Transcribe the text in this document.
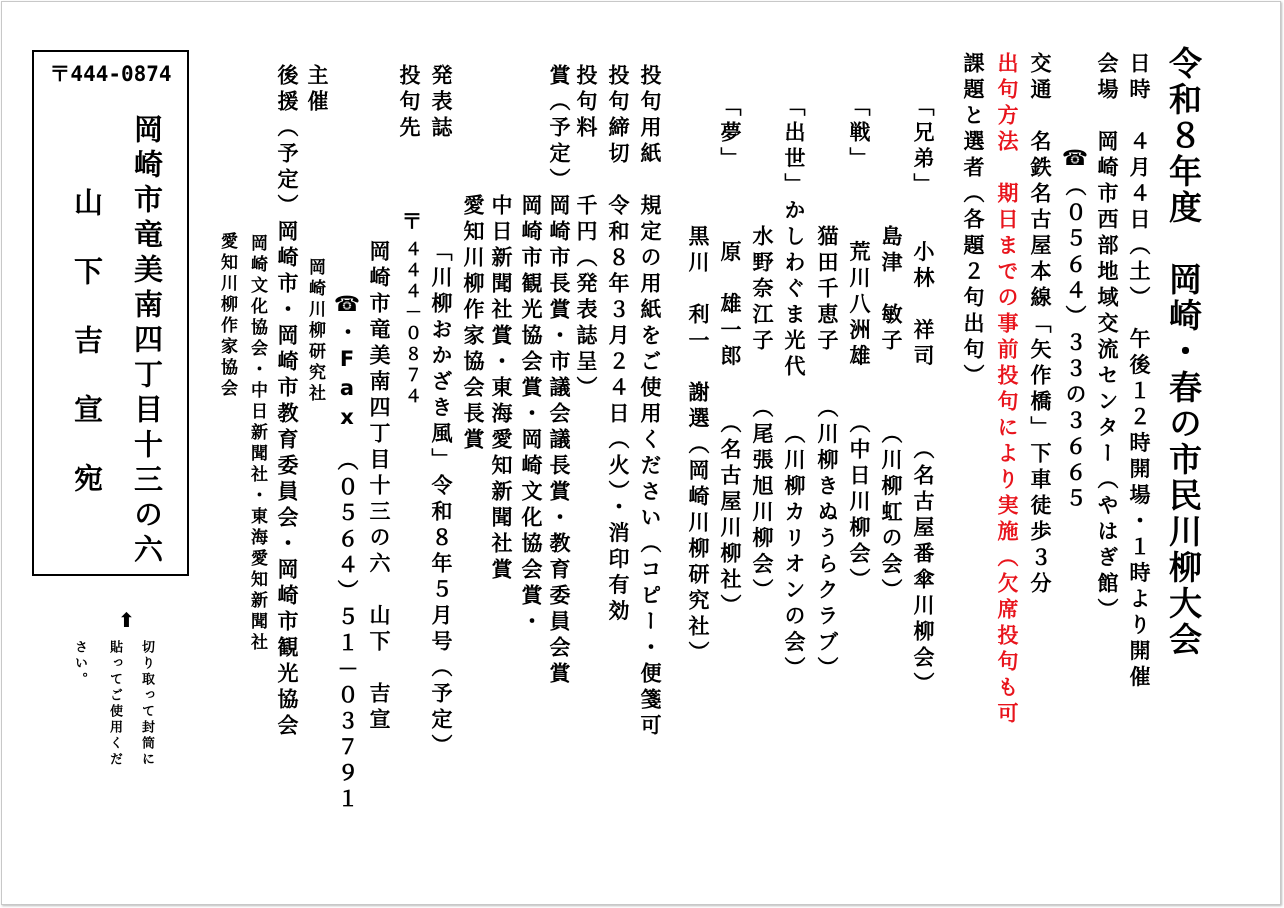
令和８年度　岡崎・春の市民川柳大会
日時　４月４日（土）　午後１２時開場・１時より開催
会場　岡崎市西部地域交流センター（やはぎ館）
☎（０５６４）３３の３６６５
交通　名鉄名古屋本線「矢作橋」下車徒歩３分
出句方法　期日までの事前投句により実施（欠席投句も可
課題と選者（各題２句出句）
「兄弟」　　小林　祥司　　　（名古屋番傘川柳会）
　　　　　島津　敏子　　　（川柳虹の会）
「戦」　　　荒川八洲雄　　（中日川柳会）
　　　　　猫田千恵子　　（川柳きぬうらクラブ）
「出世」かしわぐま光代　　（川柳カリオンの会）
　　　　　水野奈江子　　（尾張旭川柳会）
「夢」　　　原　雄一郎　　（名古屋川柳社）
　　　　　黒川　利一　謝選（岡崎川柳研究社）
投句用紙　規定の用紙をご使用ください（コピー・便箋可
投句締切　令和８年３月２４日（火）・消印有効
投句料　　千円（発表誌呈）
賞（予定）岡崎市長賞・市議会議長賞・教育委員会賞
　　　　　岡崎市観光協会賞・岡崎文化協会賞・
　　　　　中日新聞社賞・東海愛知新聞社賞
　　　　　愛知川柳作家協会長賞
発表誌
「川柳おかざき風」令和８年５月号（予定）
〒
４４４－０８７４
投句先
岡崎市竜美南四丁目十三の六　山下　吉宣
☎・Fax　（０５６４）５１－０３７９１
主催
岡崎川柳研究社
後援（予定）岡崎市・岡崎市教育委員会・岡崎市観光協会
岡崎文化協会・中日新聞社・東海愛知新聞社
愛知川柳作家協会
〒444-0874
岡崎市竜美南四丁目十三の六
山下吉宣宛
⬆
切り取って封筒に
貼ってご使用くだ
さい。
